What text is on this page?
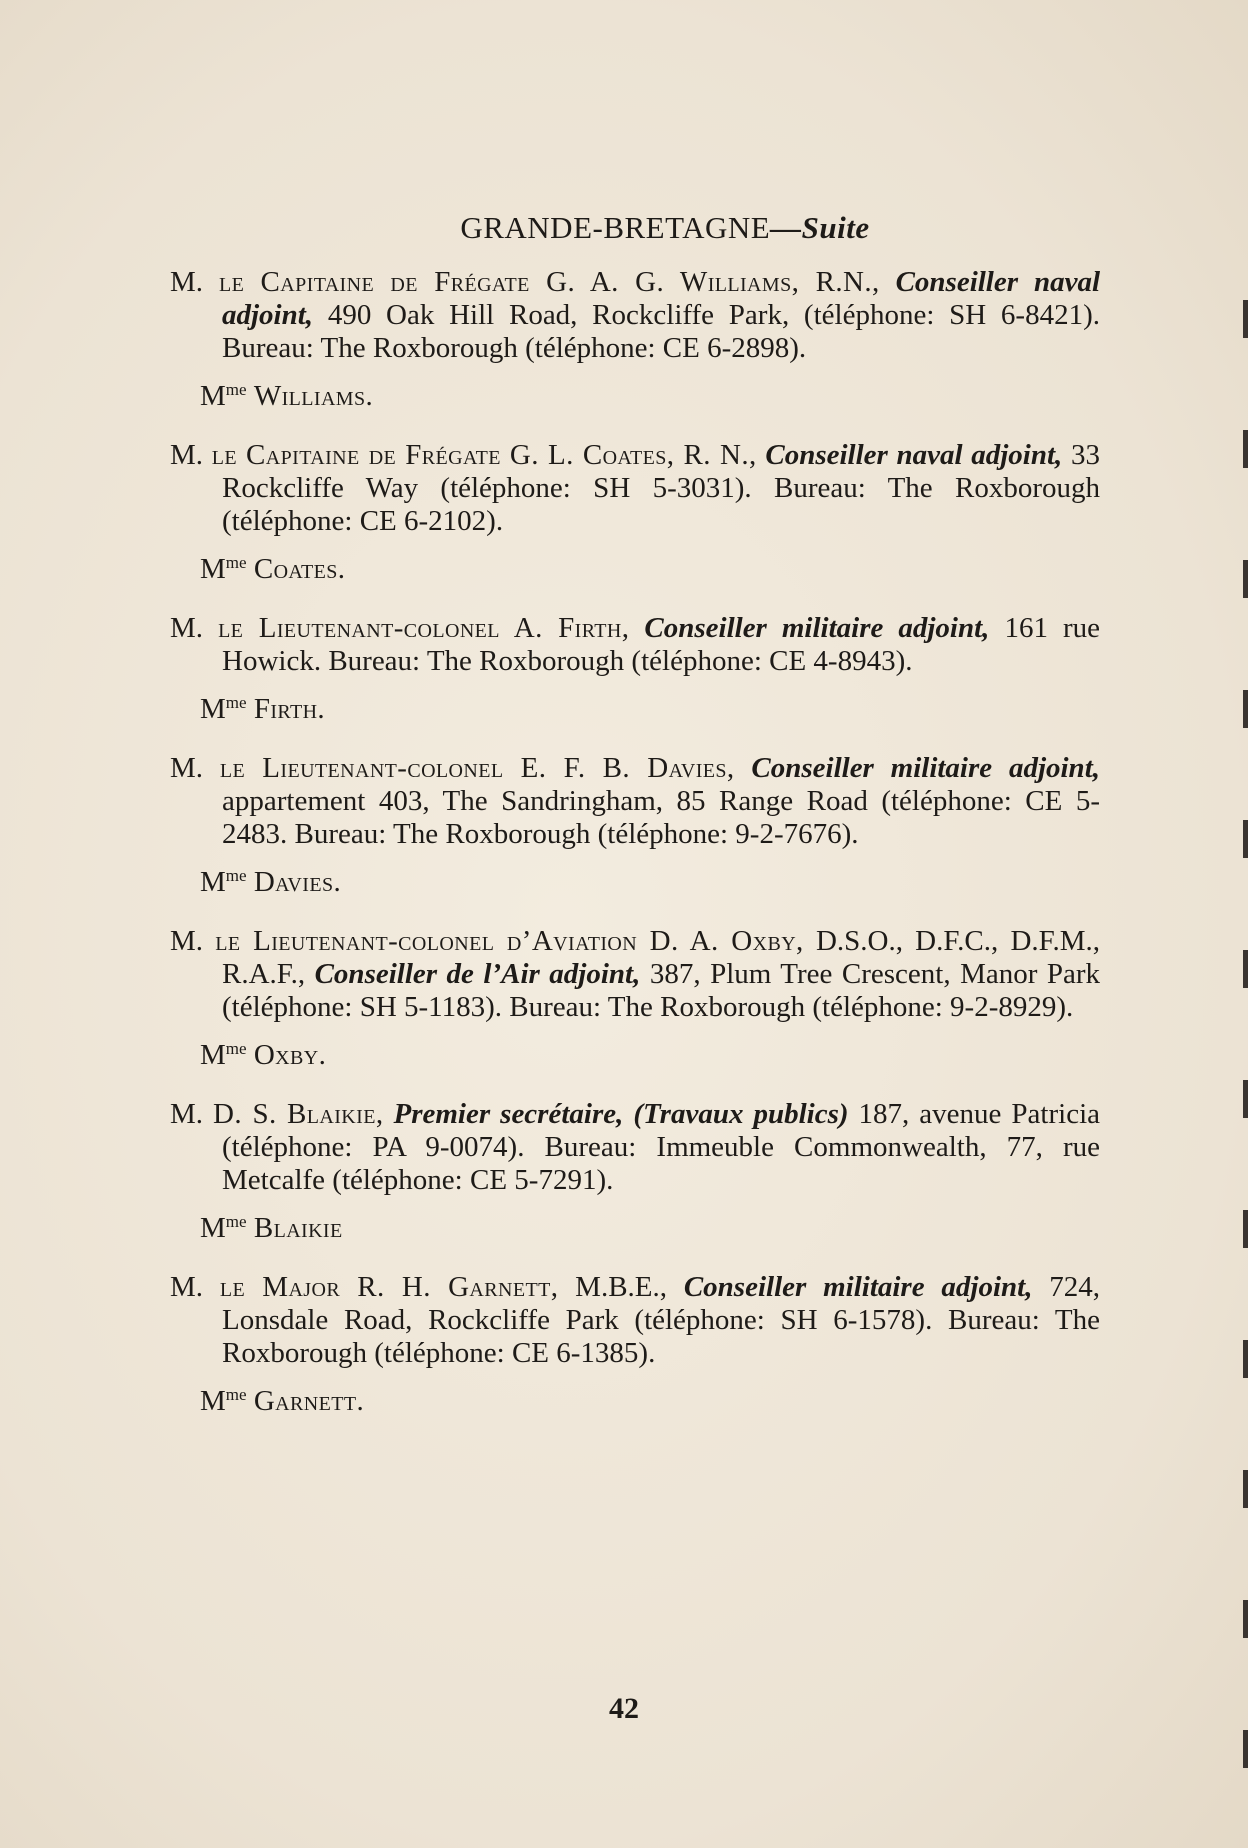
GRANDE-BRETAGNE—Suite

M. le Capitaine de Frégate G. A. G. Williams, R.N., Conseiller naval adjoint, 490 Oak Hill Road, Rockcliffe Park, (téléphone: SH 6-8421). Bureau: The Roxborough (téléphone: CE 6-2898).

$M^{me}$ Williams.

M. le Capitaine de Frégate G. L. Coates, R. N., Conseiller naval adjoint, 33 Rockcliffe Way (téléphone: SH 5-3031). Bureau: The Roxborough (téléphone: CE 6-2102).

$M^{me}$ Coates.

M. le Lieutenant-colonel A. Firth, Conseiller militaire adjoint, 161 rue Howick. Bureau: The Roxborough (téléphone: CE 4-8943).

$M^{me}$ Firth.

M. le Lieutenant-colonel E. F. B. Davies, Conseiller militaire adjoint, appartement 403, The Sandringham, 85 Range Road (téléphone: CE 5-2483. Bureau: The Roxborough (téléphone: 9-2-7676).

$M^{me}$ Davies.

M. le Lieutenant-colonel d’Aviation D. A. Oxby, D.S.O., D.F.C., D.F.M., R.A.F., Conseiller de l’Air adjoint, 387, Plum Tree Crescent, Manor Park (téléphone: SH 5-1183). Bureau: The Roxborough (téléphone: 9-2-8929).

$M^{me}$ Oxby.

M. D. S. Blaikie, Premier secrétaire, (Travaux publics) 187, avenue Patricia (téléphone: PA 9-0074). Bureau: Immeuble Commonwealth, 77, rue Metcalfe (téléphone: CE 5-7291).

$M^{me}$ Blaikie

M. le Major R. H. Garnett, M.B.E., Conseiller militaire adjoint, 724, Lonsdale Road, Rockcliffe Park (téléphone: SH 6-1578). Bureau: The Roxborough (téléphone: CE 6-1385).

$M^{me}$ Garnett.
42
